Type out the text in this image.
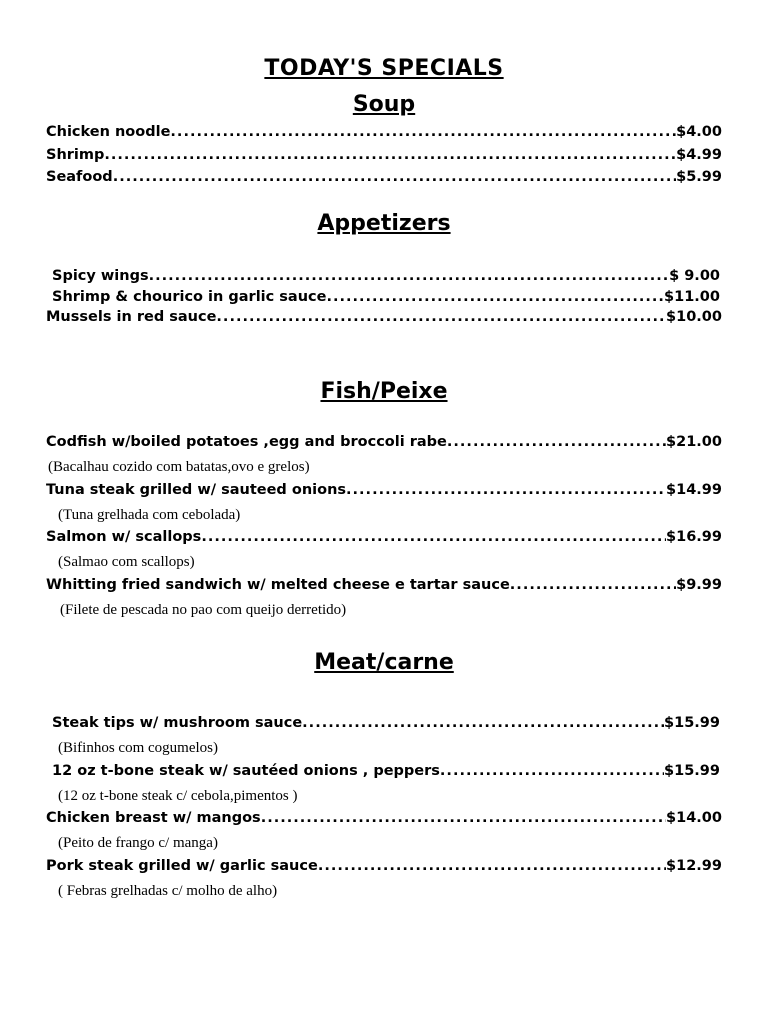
TODAY'S SPECIALS
Soup
Chicken noodle .....	$4.00
Shrimp .....	$4.99
Seafood .....	$5.99
Appetizers
Spicy wings .....	$ 9.00
Shrimp & chourico in garlic sauce .....	$11.00
Mussels in red sauce .....	$10.00
Fish/Peixe
Codfish w/boiled potatoes ,egg and broccoli rabe .....	$21.00
(Bacalhau cozido com batatas,ovo e grelos)
Tuna steak grilled w/ sauteed onions .....	$14.99
(Tuna grelhada com cebolada)
Salmon w/ scallops .....	$16.99
(Salmao com scallops)
Whitting fried sandwich w/ melted cheese e tartar sauce .....	$9.99
(Filete de pescada no pao com queijo derretido)
Meat/carne
Steak tips w/ mushroom sauce .....	$15.99
(Bifinhos com cogumelos)
12 oz t-bone steak w/ sautéed onions , peppers .....	$15.99
(12 oz t-bone steak c/ cebola,pimentos )
Chicken breast w/ mangos .....	$14.00
(Peito de frango c/ manga)
Pork steak grilled w/ garlic sauce .....	$12.99
( Febras grelhadas c/ molho de alho)
